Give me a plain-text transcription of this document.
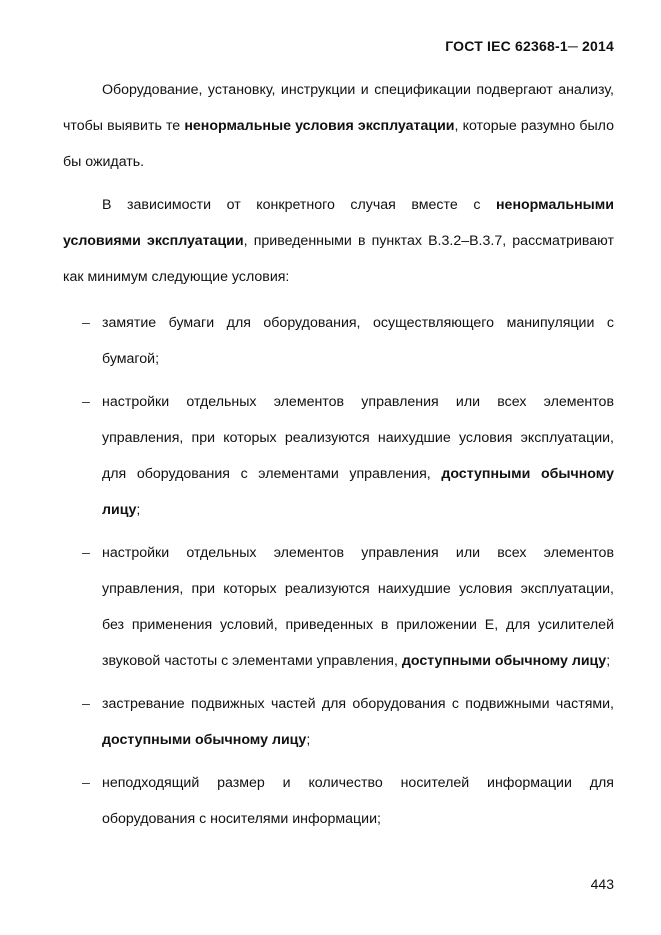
ГОСТ IEC 62368-1─ 2014

Оборудование, установку, инструкции и спецификации подвергают анализу, чтобы выявить те ненормальные условия эксплуатации, которые разумно было бы ожидать.

В зависимости от конкретного случая вместе с ненормальными условиями эксплуатации, приведенными в пунктах В.3.2–В.3.7, рассматривают как минимум следующие условия:

– замятие бумаги для оборудования, осуществляющего манипуляции с бумагой;
– настройки отдельных элементов управления или всех элементов управления, при которых реализуются наихудшие условия эксплуатации, для оборудования с элементами управления, доступными обычному лицу;
– настройки отдельных элементов управления или всех элементов управления, при которых реализуются наихудшие условия эксплуатации, без применения условий, приведенных в приложении Е, для усилителей звуковой частоты с элементами управления, доступными обычному лицу;
– застревание подвижных частей для оборудования с подвижными частями, доступными обычному лицу;
– неподходящий размер и количество носителей информации для оборудования с носителями информации;
443
